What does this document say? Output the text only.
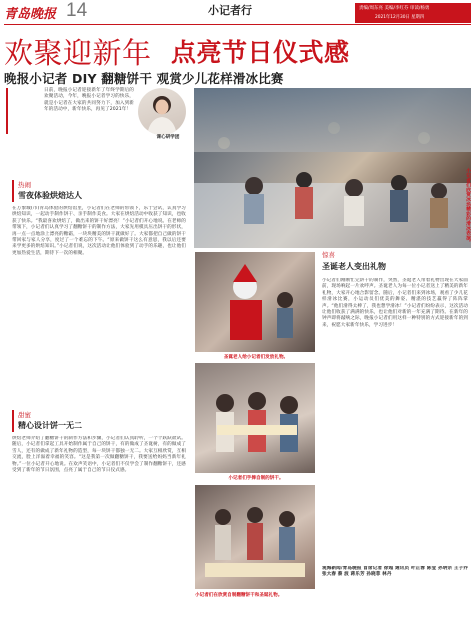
青岛晚报 14	小记者行	责编/周东亮 美编/李红芬 审读/杨勇
2021年12月30日 星期四
欢聚迎新年 点亮节日仪式感
晚报小记者 DIY 翻糖饼干 观赏少儿花样滑冰比赛
日前，晚报小记者迎接新年了年终学期后的欢聚活动，今年，晚报小记者学习的快乐，就是小记者在大家的共同努力下，加入到新年的活动中，新年快乐，再见了2021年！
课心研学团
小记者们欣赏冰场精彩的滑冰表演。
热闹
雪夜体验烘焙达人
在万象城(市)青岛体验的烘焙馆里，小记者们在老师的带领下，乐于尝试，认真学习烘焙知识，一起动手制作饼干、亲手制作美食。大家在烘焙活动中收获了知识，也收获了快乐。“我最喜欢烘焙了，做出来的饼干好漂亮！”小记者们开心地说。在老师的带领下，小记者们认真学习了翻糖饼干的制作方法，大家先用模具压出饼干的形状，再一点一点地涂上漂亮的糖霜，一块块精美的饼干就做好了。大家都把自己做的饼干带回家与家人分享，度过了一个难忘的下午。“原来做饼干这么有意思，我以后还要来学更多的烘焙知识。”小记者们说，这次活动让他们体验到了动手的乐趣，也让他们更加热爱生活，期待下一次的相聚。
甜蜜
精心设计饼一无二
烘焙老师介绍了翻糖饼干的制作方法和步骤，小记者们认真聆听，一个个跃跃欲试。随后，小记者们拿起工具开始制作属于自己的饼干，有的做成了圣诞树，有的做成了雪人，还有的做成了新年礼物的造型，每一块饼干都独一无二。大家互相欣赏，互相交流，脸上洋溢着幸福的笑容。“这是我第一次做翻糖饼干，我要送给妈妈当新年礼物。”一位小记者开心地说。在欢声笑语中，小记者们不仅学会了制作翻糖饼干，还感受到了新年的节日氛围，点亮了属于自己的节日仪式感。
圣诞老人给小记者们发放礼物。
小记者们手捧自制的饼干。
小记者们在欣赏自制翻糖饼干和圣诞礼物。
惊喜
圣诞老人变出礼物
小记者们刚刚忙完饼干的制作，突然，圣诞老人带着礼物出现在大家面前，现场响起一片欢呼声。圣诞老人为每一位小记者送上了精美的新年礼物，大家开心地合影留念。随后，小记者们来到冰场，观看了少儿花样滑冰比赛，小运动员们优美的舞姿、精湛的技艺赢得了阵阵掌声。“他们滑得太棒了，我也想学滑冰！”小记者们纷纷表示，这次活动让他们收获了满满的快乐，也让他们对新的一年充满了期待。在新年的钟声即将敲响之际，晚报小记者们用这样一种特别的方式迎接新年的到来，祝愿大家新年快乐，学习进步！
观海新闻/青岛晚报 首席记者 徐超 通讯员 叶正蓉 陈莹 孙明宗 王子乔 张大春 蔡 波 蒋乐芳 孙晓菲 林丹
